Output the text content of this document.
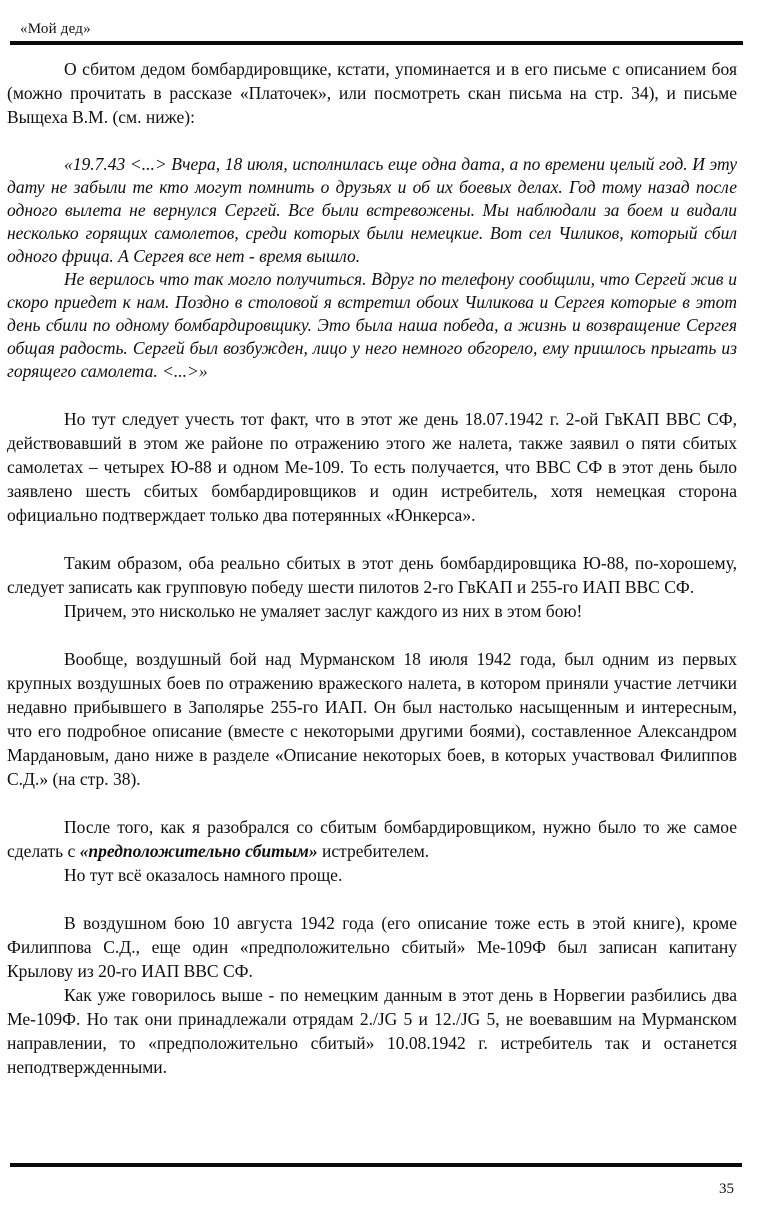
«Мой дед»

О сбитом дедом бомбардировщике, кстати, упоминается и в его письме с описанием боя (можно прочитать в рассказе «Платочек», или посмотреть скан письма на стр. 34), и письме Выщеха В.М. (см. ниже):

«19.7.43 <...> Вчера, 18 июля, исполнилась еще одна дата, а по времени целый год. И эту дату не забыли те кто могут помнить о друзьях и об их боевых делах. Год тому назад после одного вылета не вернулся Сергей. Все были встревожены. Мы наблюдали за боем и видали несколько горящих самолетов, среди которых были немецкие. Вот сел Чиликов, который сбил одного фрица. А Сергея все нет - время вышло.

Не верилось что так могло получиться. Вдруг по телефону сообщили, что Сергей жив и скоро приедет к нам. Поздно в столовой я встретил обоих Чиликова и Сергея которые в этот день сбили по одному бомбардировщику. Это была наша победа, а жизнь и возвращение Сергея общая радость. Сергей был возбужден, лицо у него немного обгорело, ему пришлось прыгать из горящего самолета. <...>»

Но тут следует учесть тот факт, что в этот же день 18.07.1942 г. 2-ой ГвКАП ВВС СФ, действовавший в этом же районе по отражению этого же налета, также заявил о пяти сбитых самолетах – четырех Ю-88 и одном Ме-109. То есть получается, что ВВС СФ в этот день было заявлено шесть сбитых бомбардировщиков и один истребитель, хотя немецкая сторона официально подтверждает только два потерянных «Юнкерса».

Таким образом, оба реально сбитых в этот день бомбардировщика Ю-88, по-хорошему, следует записать как групповую победу шести пилотов 2-го ГвКАП и 255-го ИАП ВВС СФ.

Причем, это нисколько не умаляет заслуг каждого из них в этом бою!

Вообще, воздушный бой над Мурманском 18 июля 1942 года, был одним из первых крупных воздушных боев по отражению вражеского налета, в котором приняли участие летчики недавно прибывшего в Заполярье 255-го ИАП. Он был настолько насыщенным и интересным, что его подробное описание (вместе с некоторыми другими боями), составленное Александром Мардановым, дано ниже в разделе «Описание некоторых боев, в которых участвовал Филиппов С.Д.» (на стр. 38).

После того, как я разобрался со сбитым бомбардировщиком, нужно было то же самое сделать с «предположительно сбитым» истребителем.

Но тут всё оказалось намного проще.

В воздушном бою 10 августа 1942 года (его описание тоже есть в этой книге), кроме Филиппова С.Д., еще один «предположительно сбитый» Ме-109Ф был записан капитану Крылову из 20-го ИАП ВВС СФ.

Как уже говорилось выше - по немецким данным в этот день в Норвегии разбились два Ме-109Ф. Но так они принадлежали отрядам 2./JG 5 и 12./JG 5, не воевавшим на Мурманском направлении, то «предположительно сбитый» 10.08.1942 г. истребитель так и останется неподтвержденными.

35
